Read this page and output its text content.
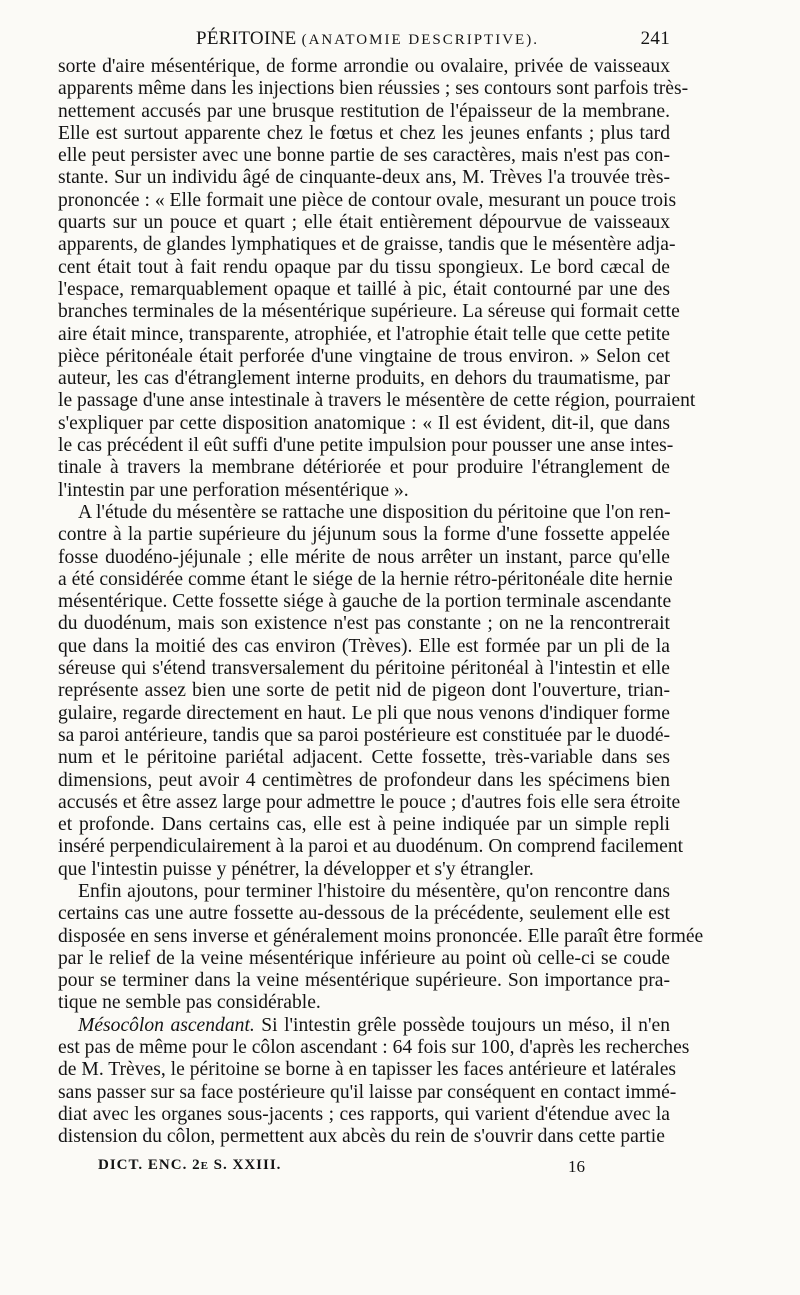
PÉRITOINE (ANATOMIE DESCRIPTIVE).	241
sorte d'aire mésentérique, de forme arrondie ou ovalaire, privée de vaisseaux
apparents même dans les injections bien réussies ; ses contours sont parfois très-
nettement accusés par une brusque restitution de l'épaisseur de la membrane.
Elle est surtout apparente chez le fœtus et chez les jeunes enfants ; plus tard
elle peut persister avec une bonne partie de ses caractères, mais n'est pas con-
stante. Sur un individu âgé de cinquante-deux ans, M. Trèves l'a trouvée très-
prononcée : « Elle formait une pièce de contour ovale, mesurant un pouce trois
quarts sur un pouce et quart ; elle était entièrement dépourvue de vaisseaux
apparents, de glandes lymphatiques et de graisse, tandis que le mésentère adja-
cent était tout à fait rendu opaque par du tissu spongieux. Le bord cæcal de
l'espace, remarquablement opaque et taillé à pic, était contourné par une des
branches terminales de la mésentérique supérieure. La séreuse qui formait cette
aire était mince, transparente, atrophiée, et l'atrophie était telle que cette petite
pièce péritonéale était perforée d'une vingtaine de trous environ. » Selon cet
auteur, les cas d'étranglement interne produits, en dehors du traumatisme, par
le passage d'une anse intestinale à travers le mésentère de cette région, pourraient
s'expliquer par cette disposition anatomique : « Il est évident, dit-il, que dans
le cas précédent il eût suffi d'une petite impulsion pour pousser une anse intes-
tinale à travers la membrane détériorée et pour produire l'étranglement de
l'intestin par une perforation mésentérique ».
A l'étude du mésentère se rattache une disposition du péritoine que l'on ren-
contre à la partie supérieure du jéjunum sous la forme d'une fossette appelée
fosse duodéno-jéjunale ; elle mérite de nous arrêter un instant, parce qu'elle
a été considérée comme étant le siége de la hernie rétro-péritonéale dite hernie
mésentérique. Cette fossette siége à gauche de la portion terminale ascendante
du duodénum, mais son existence n'est pas constante ; on ne la rencontrerait
que dans la moitié des cas environ (Trèves). Elle est formée par un pli de la
séreuse qui s'étend transversalement du péritoine péritonéal à l'intestin et elle
représente assez bien une sorte de petit nid de pigeon dont l'ouverture, trian-
gulaire, regarde directement en haut. Le pli que nous venons d'indiquer forme
sa paroi antérieure, tandis que sa paroi postérieure est constituée par le duodé-
num et le péritoine pariétal adjacent. Cette fossette, très-variable dans ses
dimensions, peut avoir 4 centimètres de profondeur dans les spécimens bien
accusés et être assez large pour admettre le pouce ; d'autres fois elle sera étroite
et profonde. Dans certains cas, elle est à peine indiquée par un simple repli
inséré perpendiculairement à la paroi et au duodénum. On comprend facilement
que l'intestin puisse y pénétrer, la développer et s'y étrangler.
Enfin ajoutons, pour terminer l'histoire du mésentère, qu'on rencontre dans
certains cas une autre fossette au-dessous de la précédente, seulement elle est
disposée en sens inverse et généralement moins prononcée. Elle paraît être formée
par le relief de la veine mésentérique inférieure au point où celle-ci se coude
pour se terminer dans la veine mésentérique supérieure. Son importance pra-
tique ne semble pas considérable.
Mésocôlon ascendant. Si l'intestin grêle possède toujours un méso, il n'en
est pas de même pour le côlon ascendant : 64 fois sur 100, d'après les recherches
de M. Trèves, le péritoine se borne à en tapisser les faces antérieure et latérales
sans passer sur sa face postérieure qu'il laisse par conséquent en contact immé-
diat avec les organes sous-jacents ; ces rapports, qui varient d'étendue avec la
distension du côlon, permettent aux abcès du rein de s'ouvrir dans cette partie
DICT. ENC. 2e S. XXIII.	16
